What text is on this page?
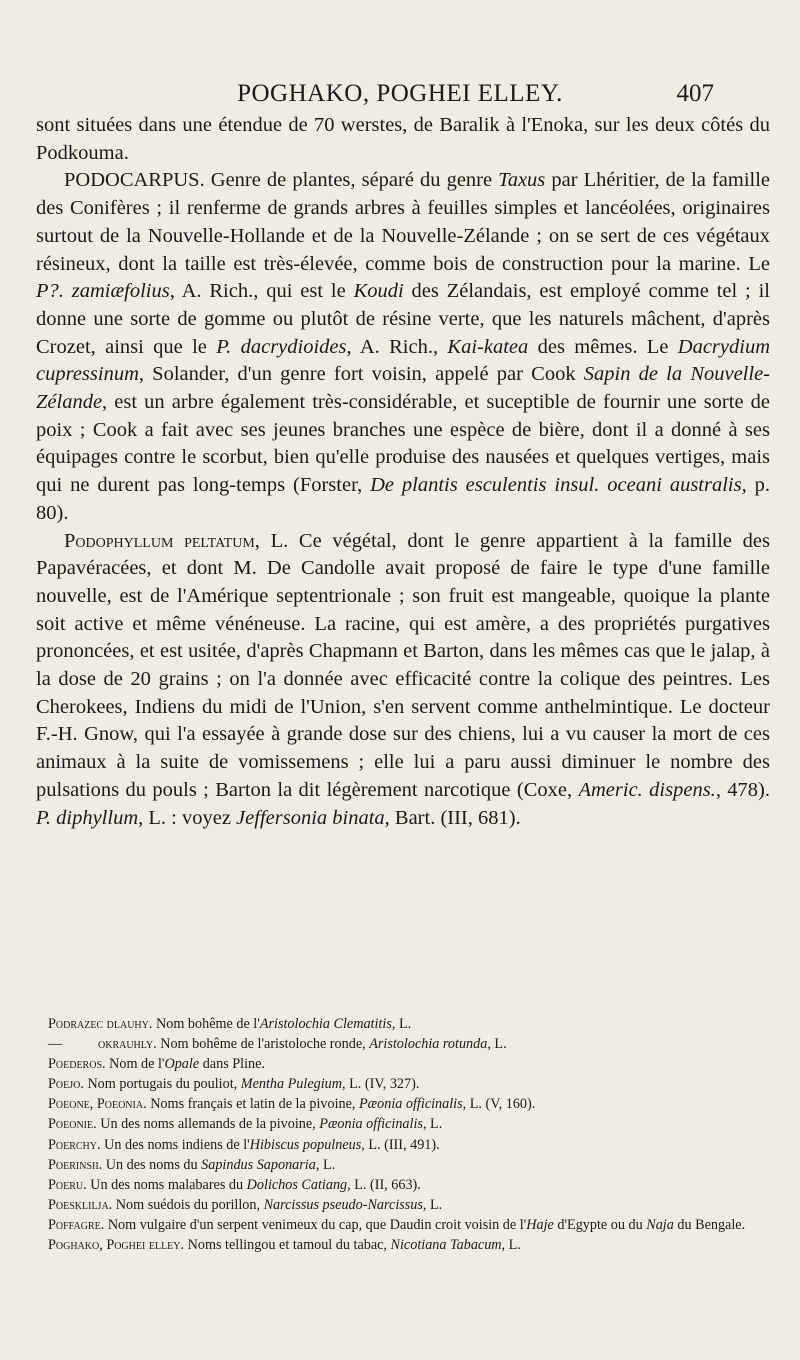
POGHAKO, POGHEI ELLEY.	407

sont situées dans une étendue de 70 werstes, de Baralik à l'Enoka, sur les deux côtés du Podkouma.

PODOCARPUS. Genre de plantes, séparé du genre Taxus par Lhéritier, de la famille des Conifères ; il renferme de grands arbres à feuilles simples et lancéolées, originaires surtout de la Nouvelle-Hollande et de la Nouvelle-Zélande ; on se sert de ces végétaux résineux, dont la taille est très-élevée, comme bois de construction pour la marine. Le P?. zamiæfolius, A. Rich., qui est le Koudi des Zélandais, est employé comme tel ; il donne une sorte de gomme ou plutôt de résine verte, que les naturels mâchent, d'après Crozet, ainsi que le P. dacrydioides, A. Rich., Kai-katea des mêmes. Le Dacrydium cupressinum, Solander, d'un genre fort voisin, appelé par Cook Sapin de la Nouvelle-Zélande, est un arbre également très-considérable, et suceptible de fournir une sorte de poix ; Cook a fait avec ses jeunes branches une espèce de bière, dont il a donné à ses équipages contre le scorbut, bien qu'elle produise des nausées et quelques vertiges, mais qui ne durent pas long-temps (Forster, De plantis esculentis insul. oceani australis, p. 80).

Podophyllum peltatum, L. Ce végétal, dont le genre appartient à la famille des Papavéracées, et dont M. De Candolle avait proposé de faire le type d'une famille nouvelle, est de l'Amérique septentrionale ; son fruit est mangeable, quoique la plante soit active et même vénéneuse. La racine, qui est amère, a des propriétés purgatives prononcées, et est usitée, d'après Chapmann et Barton, dans les mêmes cas que le jalap, à la dose de 20 grains ; on l'a donnée avec efficacité contre la colique des peintres. Les Cherokees, Indiens du midi de l'Union, s'en servent comme anthelmintique. Le docteur F.-H. Gnow, qui l'a essayée à grande dose sur des chiens, lui a vu causer la mort de ces animaux à la suite de vomissemens ; elle lui a paru aussi diminuer le nombre des pulsations du pouls ; Barton la dit légèrement narcotique (Coxe, Americ. dispens., 478). P. diphyllum, L. : voyez Jeffersonia binata, Bart. (III, 681).

Podrazec dlauhy. Nom bohême de l'Aristolochia Clematitis, L.

—	okrauhly. Nom bohême de l'aristoloche ronde, Aristolochia rotunda, L.

Poederos. Nom de l'Opale dans Pline.

Poejo. Nom portugais du pouliot, Mentha Pulegium, L. (IV, 327).

Poeone, Poeonia. Noms français et latin de la pivoine, Pæonia officinalis, L. (V, 160).

Poeonie. Un des noms allemands de la pivoine, Pæonia officinalis, L.

Poerchy. Un des noms indiens de l'Hibiscus populneus, L. (III, 491).

Poerinsii. Un des noms du Sapindus Saponaria, L.

Poeru. Un des noms malabares du Dolichos Catiang, L. (II, 663).

Poeskliljа. Nom suédois du porillon, Narcissus pseudo-Narcissus, L.

Poffagre. Nom vulgaire d'un serpent venimeux du cap, que Daudin croit voisin de l'Haje d'Egypte ou du Naja du Bengale.

Poghako, Poghei elley. Noms tellingou et tamoul du tabac, Nicotiana Tabacum, L.
